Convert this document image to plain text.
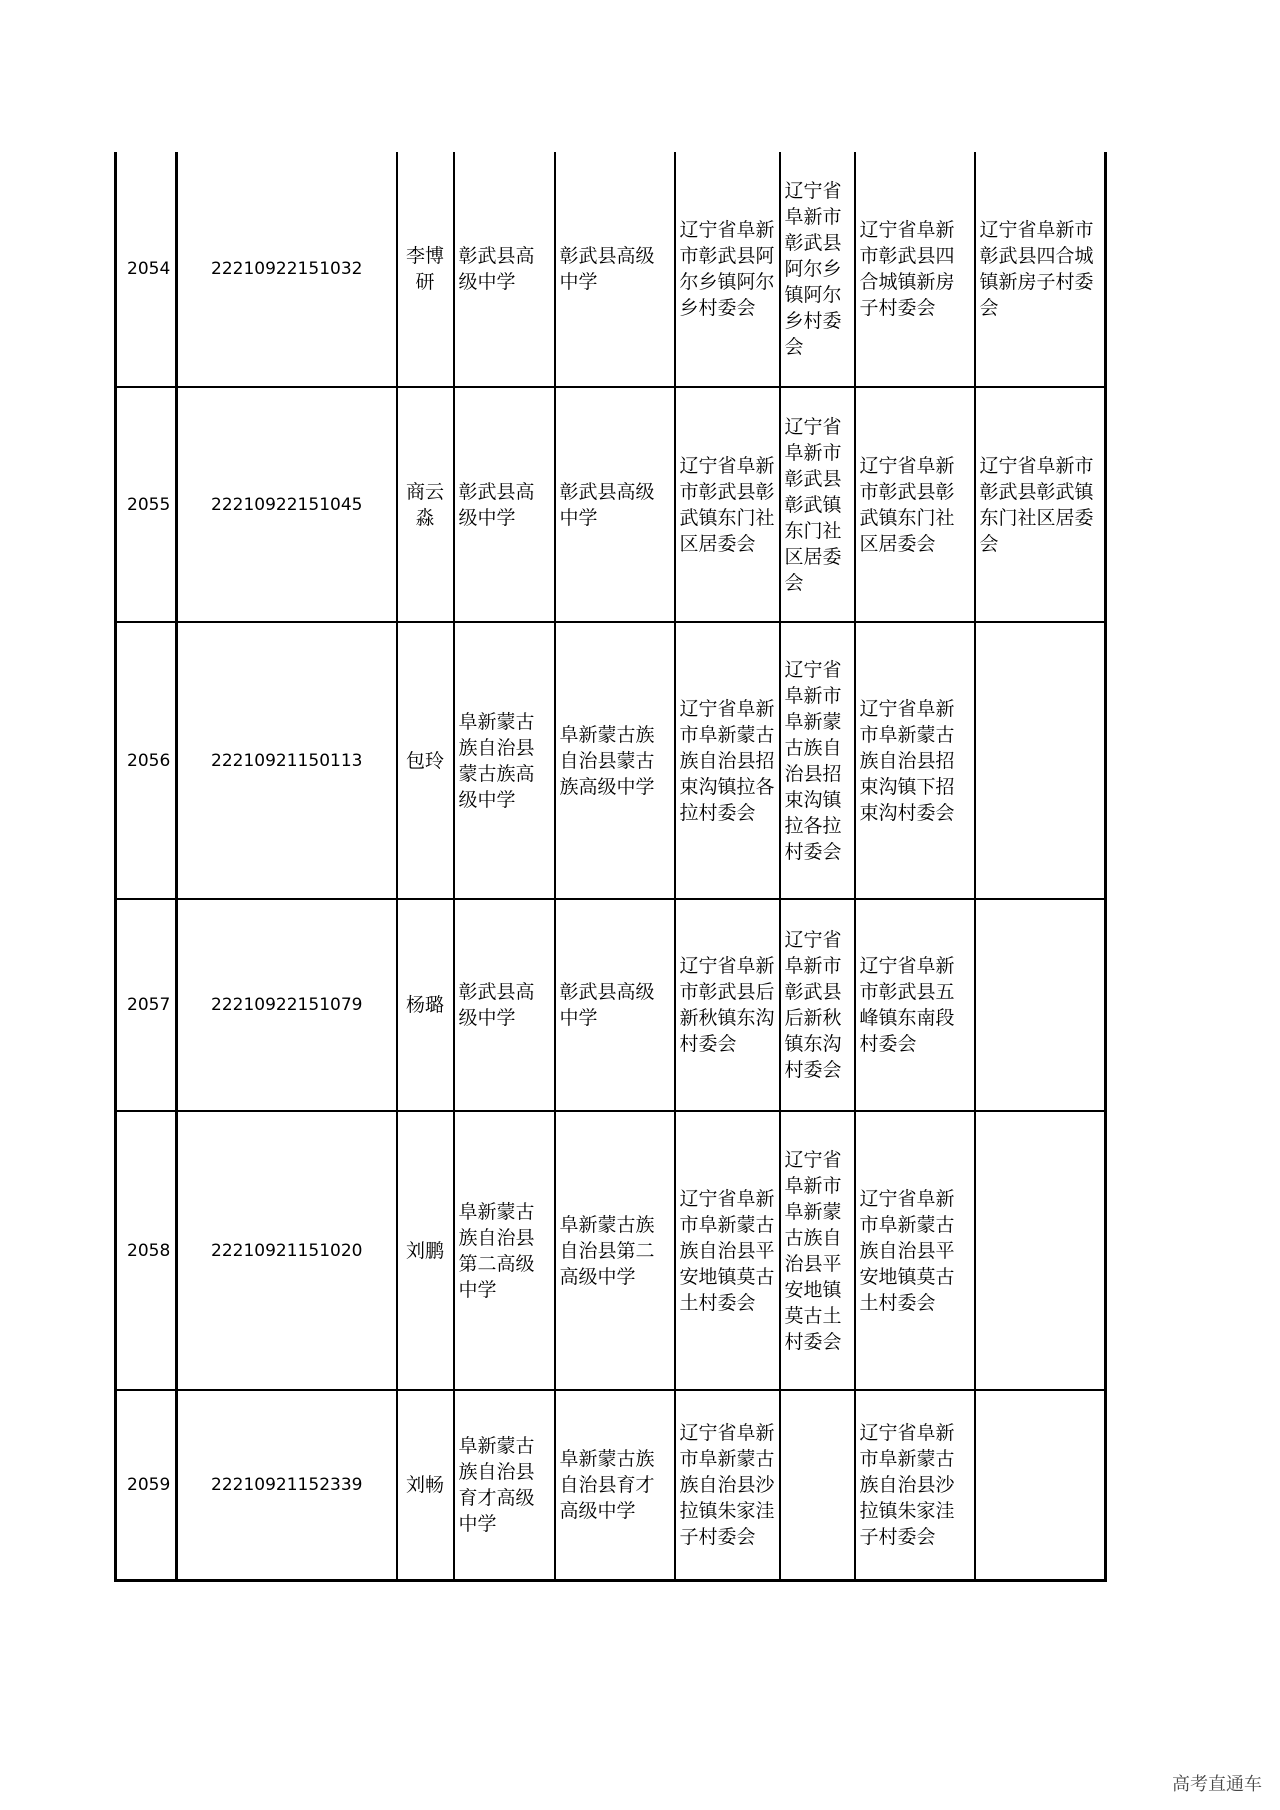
2054	22210922151032	李博研	彰武县高级中学	彰武县高级中学	辽宁省阜新市彰武县阿尔乡镇阿尔乡村委会	辽宁省阜新市彰武县阿尔乡镇阿尔乡村委会	辽宁省阜新市彰武县四合城镇新房子村委会	辽宁省阜新市彰武县四合城镇新房子村委会
2055	22210922151045	商云淼	彰武县高级中学	彰武县高级中学	辽宁省阜新市彰武县彰武镇东门社区居委会	辽宁省阜新市彰武县彰武镇东门社区居委会	辽宁省阜新市彰武县彰武镇东门社区居委会	辽宁省阜新市彰武县彰武镇东门社区居委会
2056	22210921150113	包玲	阜新蒙古族自治县蒙古族高级中学	阜新蒙古族自治县蒙古族高级中学	辽宁省阜新市阜新蒙古族自治县招束沟镇拉各拉村委会	辽宁省阜新市阜新蒙古族自治县招束沟镇拉各拉村委会	辽宁省阜新市阜新蒙古族自治县招束沟镇下招束沟村委会	
2057	22210922151079	杨璐	彰武县高级中学	彰武县高级中学	辽宁省阜新市彰武县后新秋镇东沟村委会	辽宁省阜新市彰武县后新秋镇东沟村委会	辽宁省阜新市彰武县五峰镇东南段村委会	
2058	22210921151020	刘鹏	阜新蒙古族自治县第二高级中学	阜新蒙古族自治县第二高级中学	辽宁省阜新市阜新蒙古族自治县平安地镇莫古土村委会	辽宁省阜新市阜新蒙古族自治县平安地镇莫古土村委会	辽宁省阜新市阜新蒙古族自治县平安地镇莫古土村委会	
2059	22210921152339	刘畅	阜新蒙古族自治县育才高级中学	阜新蒙古族自治县育才高级中学	辽宁省阜新市阜新蒙古族自治县沙拉镇朱家洼子村委会		辽宁省阜新市阜新蒙古族自治县沙拉镇朱家洼子村委会	
高考直通车
